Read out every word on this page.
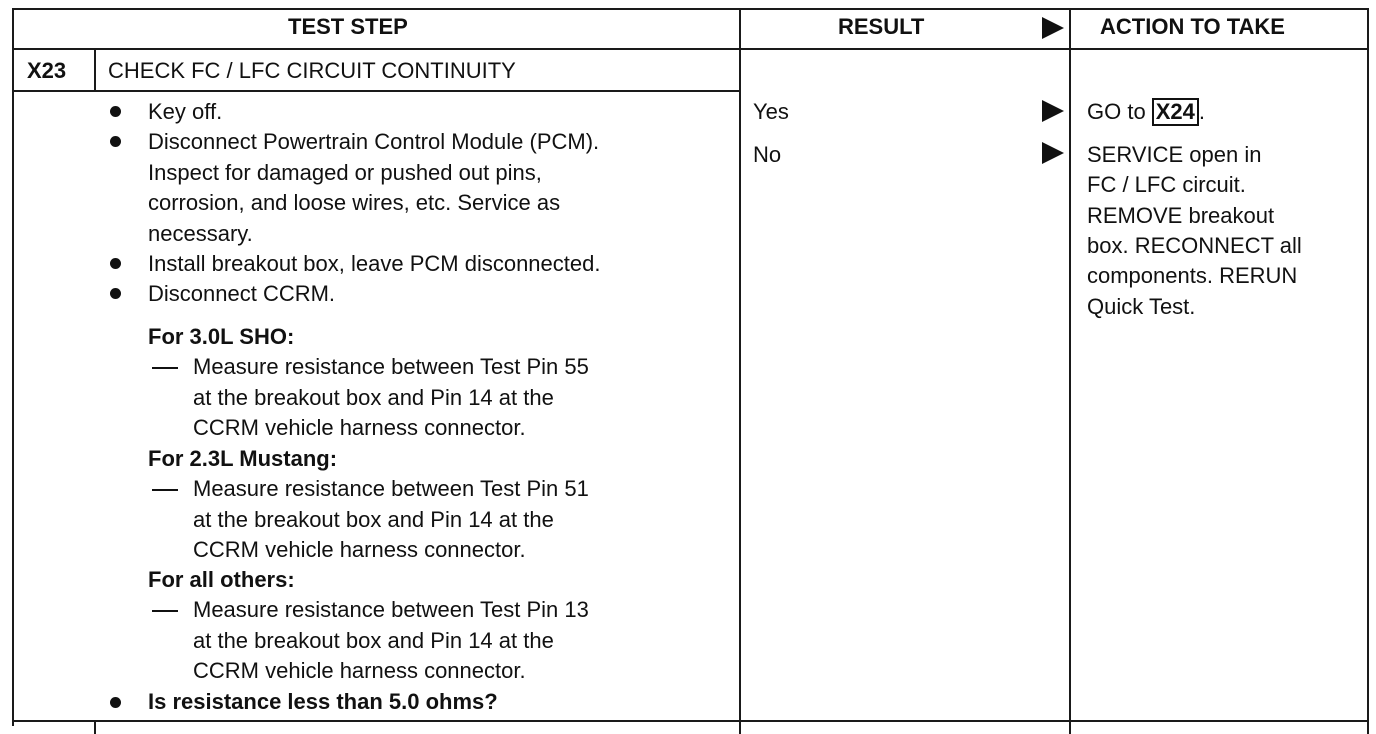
TEST STEP	RESULT	ACTION TO TAKE
X23 CHECK FC / LFC CIRCUIT CONTINUITY
Key off.
Disconnect Powertrain Control Module (PCM).
Inspect for damaged or pushed out pins,
corrosion, and loose wires, etc. Service as
necessary.
Install breakout box, leave PCM disconnected.
Disconnect CCRM.
For 3.0L SHO:
Measure resistance between Test Pin 55
at the breakout box and Pin 14 at the
CCRM vehicle harness connector.
For 2.3L Mustang:
Measure resistance between Test Pin 51
at the breakout box and Pin 14 at the
CCRM vehicle harness connector.
For all others:
Measure resistance between Test Pin 13
at the breakout box and Pin 14 at the
CCRM vehicle harness connector.
Is resistance less than 5.0 ohms?
Yes
No
GO to X24 .
SERVICE open in
FC / LFC circuit.
REMOVE breakout
box. RECONNECT all
components. RERUN
Quick Test.
